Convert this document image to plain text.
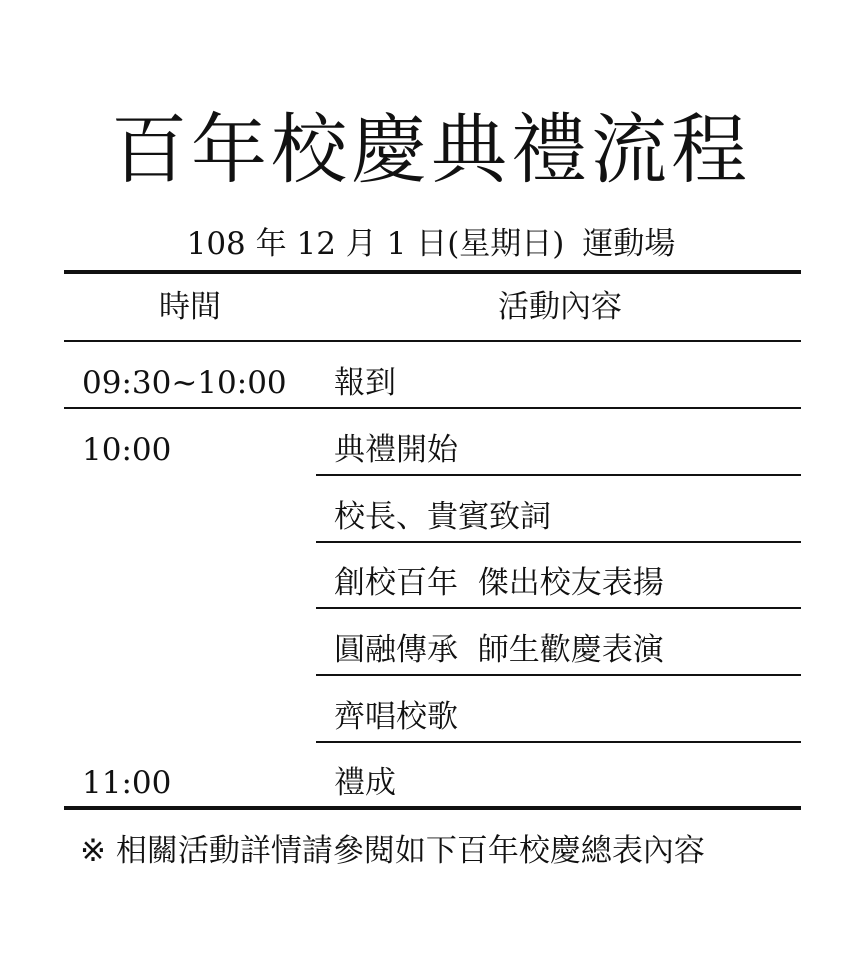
百年校慶典禮流程
108 年 12 月 1 日(星期日) 運動場
時間	活動內容
09:30~10:00 報到
10:00	典禮開始
校長、貴賓致詞
創校百年  傑出校友表揚
圓融傳承  師生歡慶表演
齊唱校歌
11:00	禮成
※ 相關活動詳情請參閱如下百年校慶總表內容
